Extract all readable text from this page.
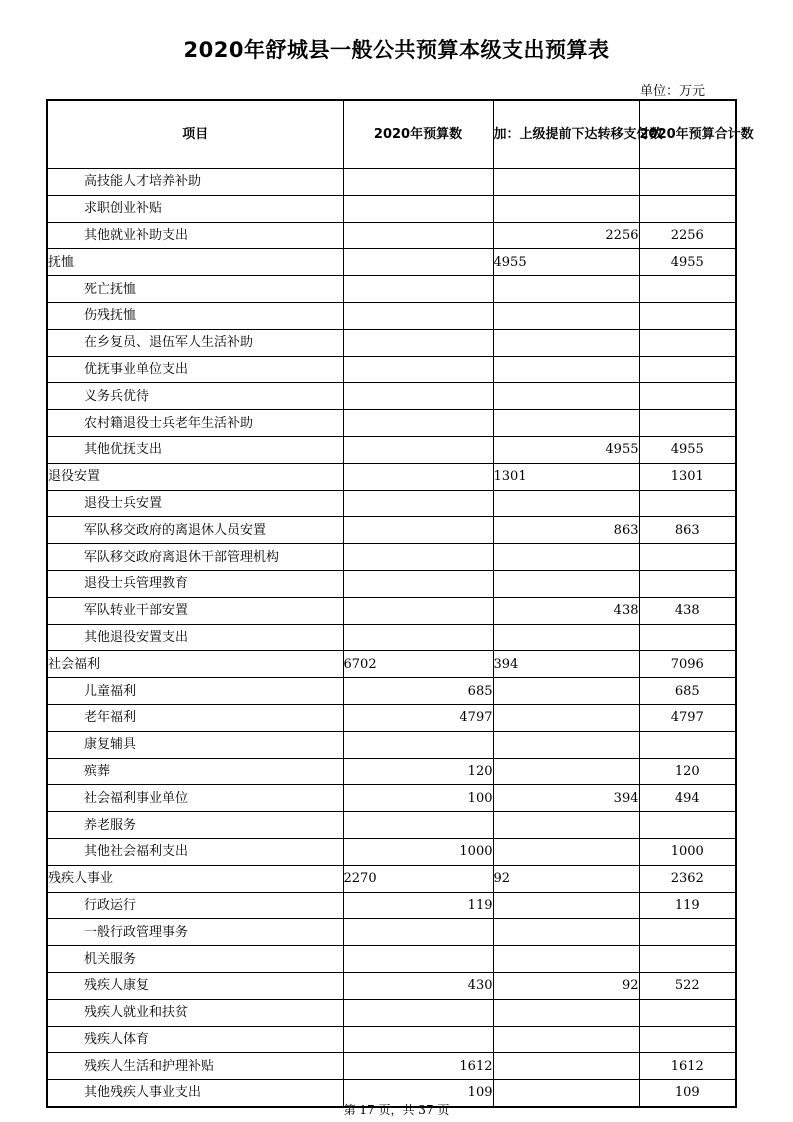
2020年舒城县一般公共预算本级支出预算表
单位：万元
项目	2020年预算数	加：上级提前下达转移支付数	2020年预算合计数
高技能人才培养补助			
求职创业补贴			
其他就业补助支出		2256	2256
抚恤		4955	4955
死亡抚恤			
伤残抚恤			
在乡复员、退伍军人生活补助			
优抚事业单位支出			
义务兵优待			
农村籍退役士兵老年生活补助			
其他优抚支出		4955	4955
退役安置		1301	1301
退役士兵安置			
军队移交政府的离退休人员安置		863	863
军队移交政府离退休干部管理机构			
退役士兵管理教育			
军队转业干部安置		438	438
其他退役安置支出			
社会福利	6702	394	7096
儿童福利	685		685
老年福利	4797		4797
康复辅具			
殡葬	120		120
社会福利事业单位	100	394	494
养老服务			
其他社会福利支出	1000		1000
残疾人事业	2270	92	2362
行政运行	119		119
一般行政管理事务			
机关服务			
残疾人康复	430	92	522
残疾人就业和扶贫			
残疾人体育			
残疾人生活和护理补贴	1612		1612
其他残疾人事业支出	109		109
第 17 页，共 37 页
